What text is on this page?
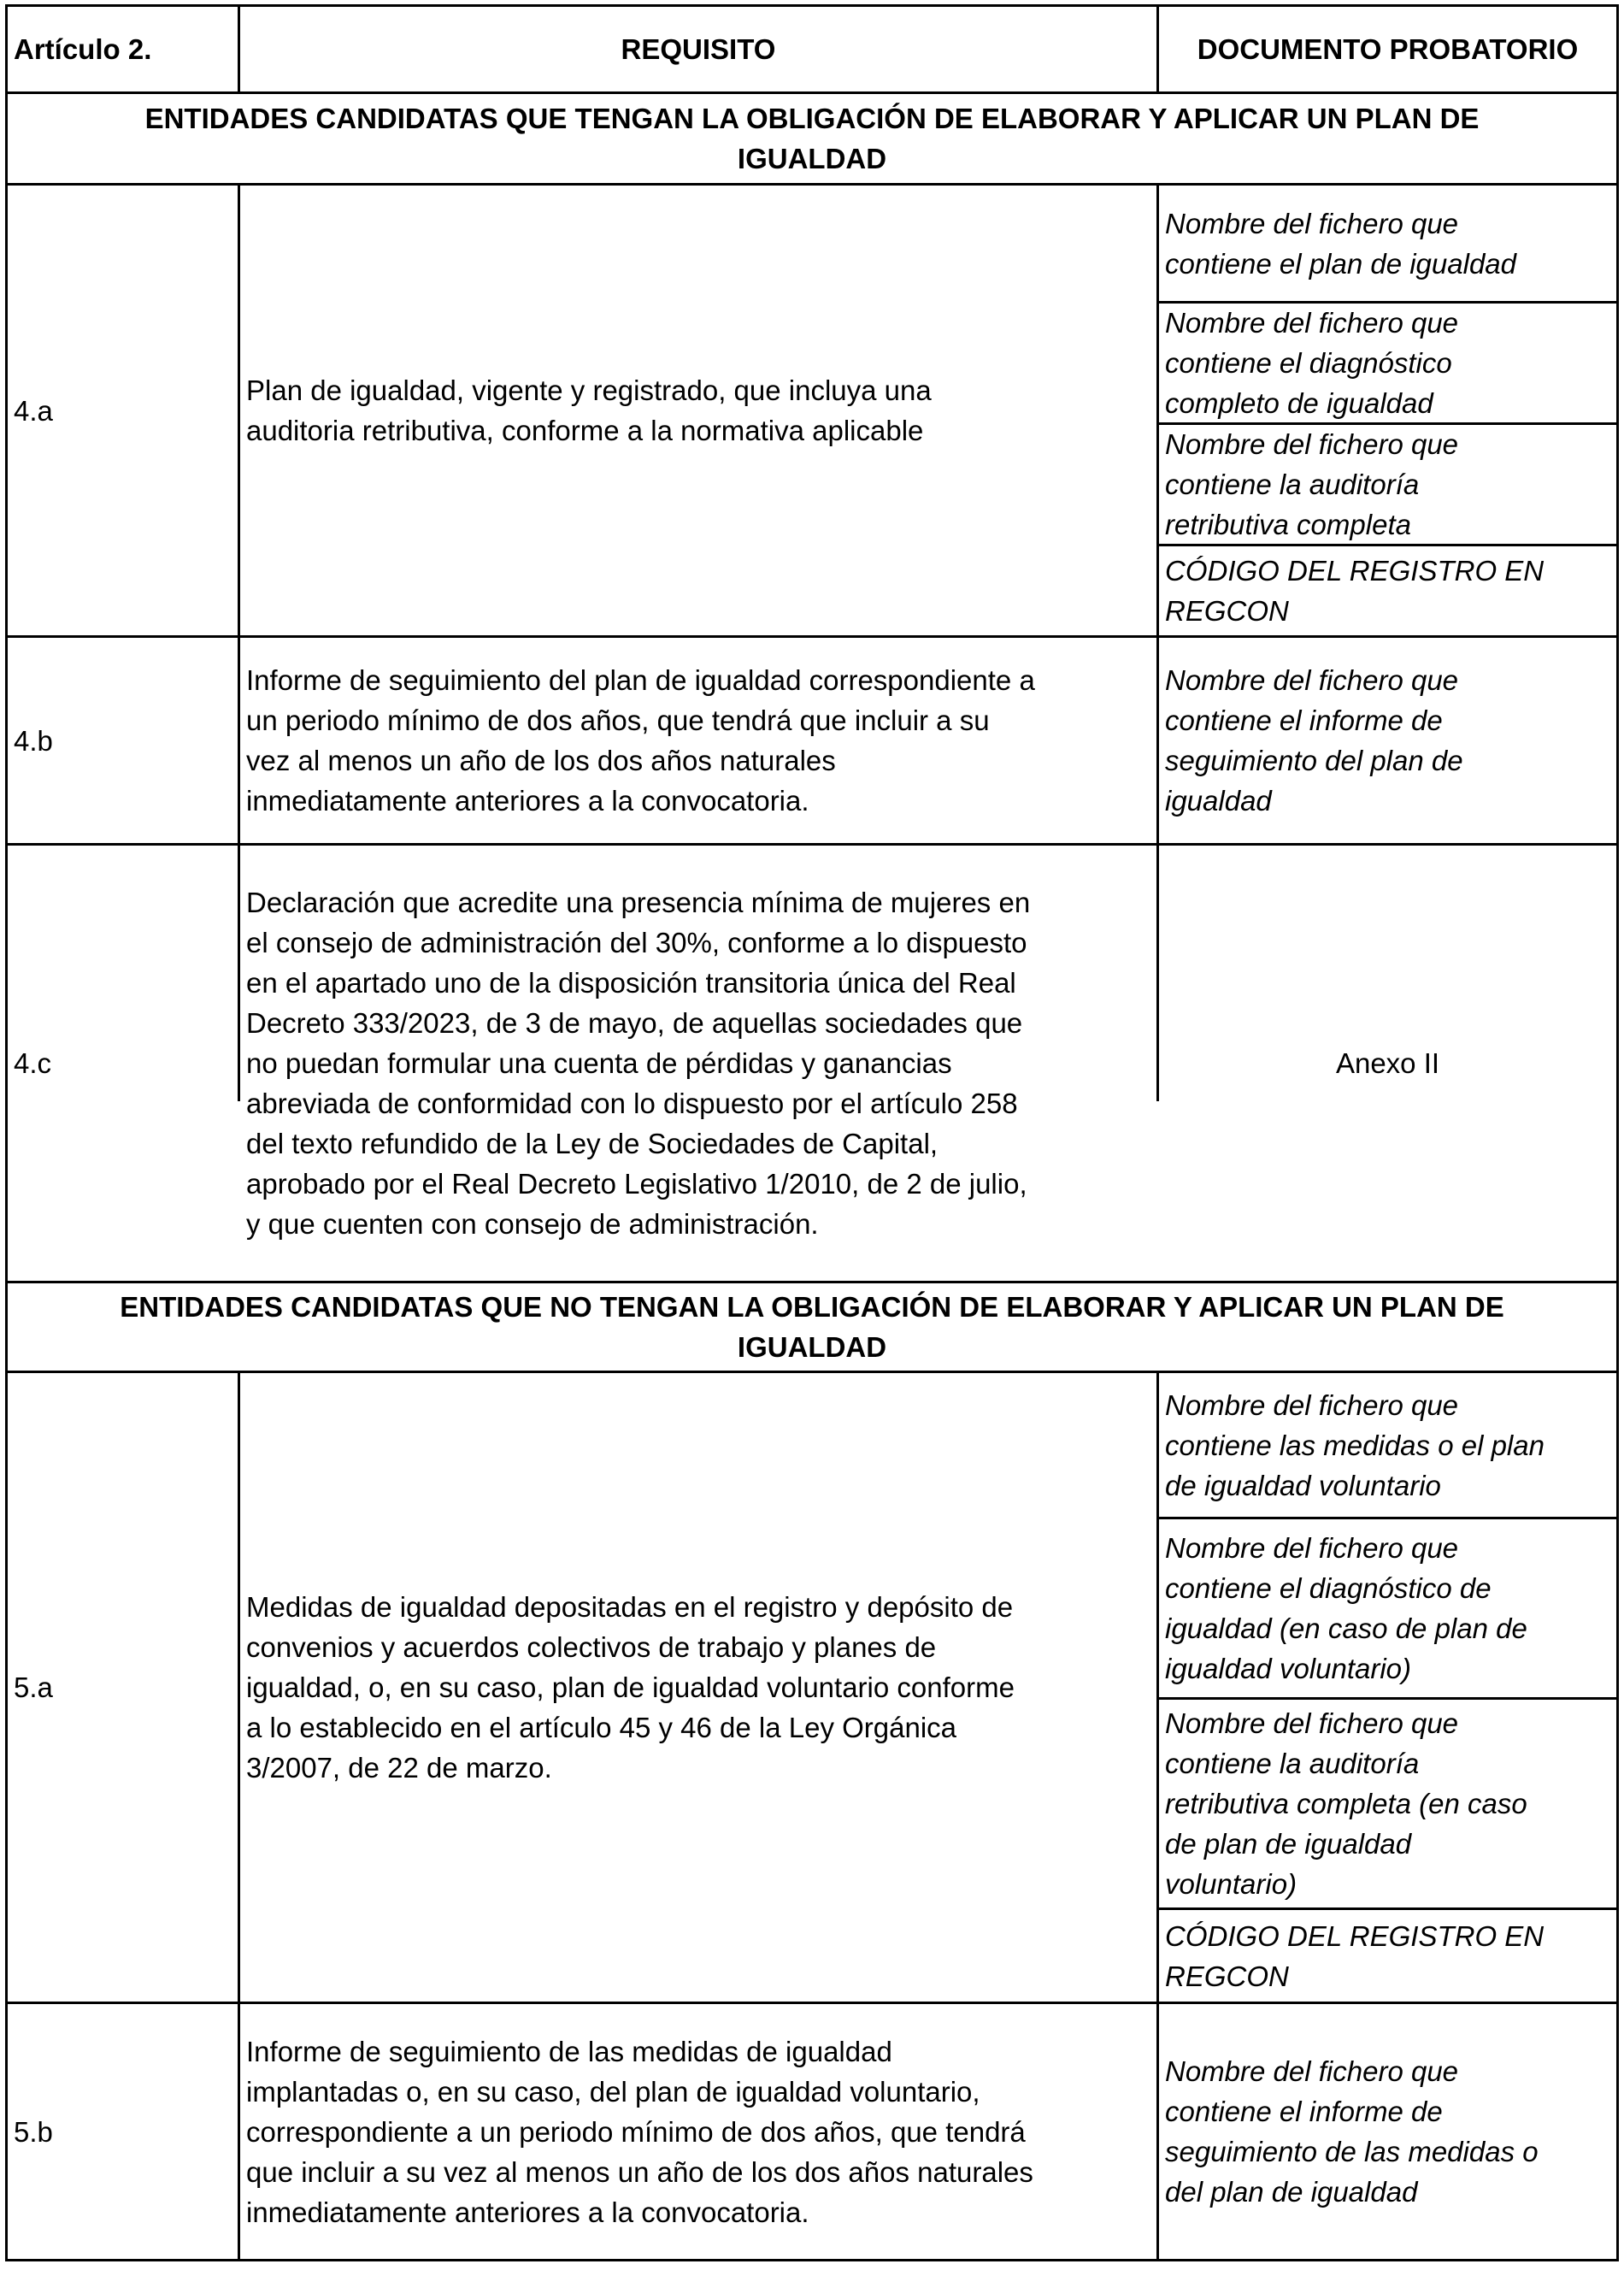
Artículo 2.	REQUISITO	DOCUMENTO PROBATORIO
ENTIDADES CANDIDATAS QUE TENGAN LA OBLIGACIÓN DE ELABORAR Y APLICAR UN PLAN DE
IGUALDAD
4.a
Plan de igualdad, vigente y registrado, que incluya una
auditoria retributiva, conforme a la normativa aplicable
Nombre del fichero que
contiene el plan de igualdad
Nombre del fichero que
contiene el diagnóstico
completo de igualdad
Nombre del fichero que
contiene la auditoría
retributiva completa
CÓDIGO DEL REGISTRO EN
REGCON
4.b
Informe de seguimiento del plan de igualdad correspondiente a
un periodo mínimo de dos años, que tendrá que incluir a su
vez al menos un año de los dos años naturales
inmediatamente anteriores a la convocatoria.
Nombre del fichero que
contiene el informe de
seguimiento del plan de
igualdad
4.c
Declaración que acredite una presencia mínima de mujeres en
el consejo de administración del 30%, conforme a lo dispuesto
en el apartado uno de la disposición transitoria única del Real
Decreto 333/2023, de 3 de mayo, de aquellas sociedades que
no puedan formular una cuenta de pérdidas y ganancias
abreviada de conformidad con lo dispuesto por el artículo 258
del texto refundido de la Ley de Sociedades de Capital,
aprobado por el Real Decreto Legislativo 1/2010, de 2 de julio,
y que cuenten con consejo de administración.
Anexo II
ENTIDADES CANDIDATAS QUE NO TENGAN LA OBLIGACIÓN DE ELABORAR Y APLICAR UN PLAN DE
IGUALDAD
5.a
Medidas de igualdad depositadas en el registro y depósito de
convenios y acuerdos colectivos de trabajo y planes de
igualdad, o, en su caso, plan de igualdad voluntario conforme
a lo establecido en el artículo 45 y 46 de la Ley Orgánica
3/2007, de 22 de marzo.
Nombre del fichero que
contiene las medidas o el plan
de igualdad voluntario
Nombre del fichero que
contiene el diagnóstico de
igualdad (en caso de plan de
igualdad voluntario)
Nombre del fichero que
contiene la auditoría
retributiva completa (en caso
de plan de igualdad
voluntario)
CÓDIGO DEL REGISTRO EN
REGCON
5.b
Informe de seguimiento de las medidas de igualdad
implantadas o, en su caso, del plan de igualdad voluntario,
correspondiente a un periodo mínimo de dos años, que tendrá
que incluir a su vez al menos un año de los dos años naturales
inmediatamente anteriores a la convocatoria.
Nombre del fichero que
contiene el informe de
seguimiento de las medidas o
del plan de igualdad
